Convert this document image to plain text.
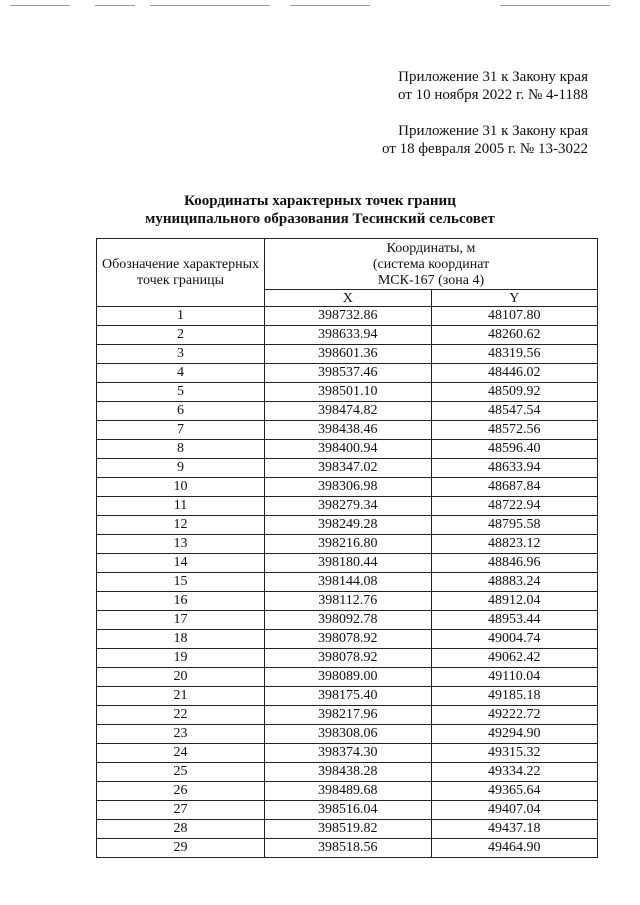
Приложение 31 к Закону края
от 10 ноября 2022 г. № 4-1188
Приложение 31 к Закону края
от 18 февраля 2005 г. № 13-3022
Координаты характерных точек границ
муниципального образования Тесинский сельсовет
Обозначение характерных точек границы	Координаты, м
(система координат
МСК-167 (зона 4)	

	X	Y
1	398732.86	48107.80
2	398633.94	48260.62
3	398601.36	48319.56
4	398537.46	48446.02
5	398501.10	48509.92
6	398474.82	48547.54
7	398438.46	48572.56
8	398400.94	48596.40
9	398347.02	48633.94
10	398306.98	48687.84
11	398279.34	48722.94
12	398249.28	48795.58
13	398216.80	48823.12
14	398180.44	48846.96
15	398144.08	48883.24
16	398112.76	48912.04
17	398092.78	48953.44
18	398078.92	49004.74
19	398078.92	49062.42
20	398089.00	49110.04
21	398175.40	49185.18
22	398217.96	49222.72
23	398308.06	49294.90
24	398374.30	49315.32
25	398438.28	49334.22
26	398489.68	49365.64
27	398516.04	49407.04
28	398519.82	49437.18
29	398518.56	49464.90
